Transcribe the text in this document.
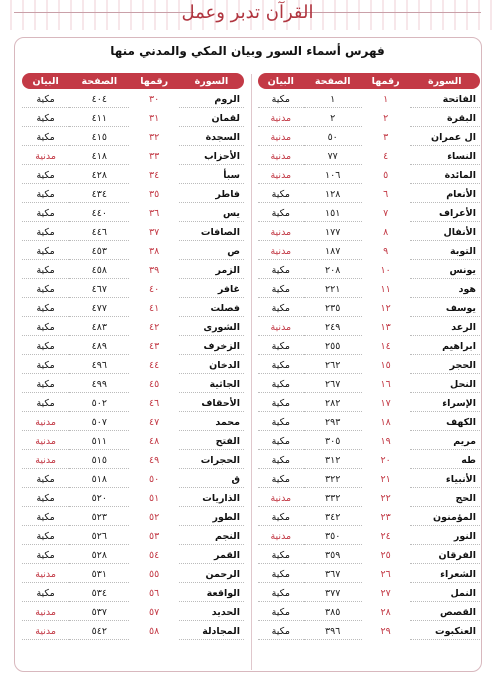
القرآن تدبر وعمل
فهرس أسماء السور وبيان المكي والمدني منها
السورة	رقمها	الصفحة	البيان
الفاتحة	١	١	مكية
البقرة	٢	٢	مدنية
ال عمران	٣	٥٠	مدنية
النساء	٤	٧٧	مدنية
المائدة	٥	١٠٦	مدنية
الأنعام	٦	١٢٨	مكية
الأعراف	٧	١٥١	مكية
الأنفال	٨	١٧٧	مدنية
التوبة	٩	١٨٧	مدنية
يونس	١٠	٢٠٨	مكية
هود	١١	٢٢١	مكية
يوسف	١٢	٢٣٥	مكية
الرعد	١٣	٢٤٩	مدنية
ابراهيم	١٤	٢٥٥	مكية
الحجر	١٥	٢٦٢	مكية
النحل	١٦	٢٦٧	مكية
الإسراء	١٧	٢٨٢	مكية
الكهف	١٨	٢٩٣	مكية
مريم	١٩	٣٠٥	مكية
طه	٢٠	٣١٢	مكية
الأنبياء	٢١	٣٢٢	مكية
الحج	٢٢	٣٣٢	مدنية
المؤمنون	٢٣	٣٤٢	مكية
النور	٢٤	٣٥٠	مدنية
الفرقان	٢٥	٣٥٩	مكية
الشعراء	٢٦	٣٦٧	مكية
النمل	٢٧	٣٧٧	مكية
القصص	٢٨	٣٨٥	مكية
العنكبوت	٢٩	٣٩٦	مكية
السورة	رقمها	الصفحة	البيان
الروم	٣٠	٤٠٤	مكية
لقمان	٣١	٤١١	مكية
السجدة	٣٢	٤١٥	مكية
الأحزاب	٣٣	٤١٨	مدنية
سبأ	٣٤	٤٢٨	مكية
فاطر	٣٥	٤٣٤	مكية
يس	٣٦	٤٤٠	مكية
الصافات	٣٧	٤٤٦	مكية
ص	٣٨	٤٥٣	مكية
الزمر	٣٩	٤٥٨	مكية
غافر	٤٠	٤٦٧	مكية
فصلت	٤١	٤٧٧	مكية
الشورى	٤٢	٤٨٣	مكية
الزخرف	٤٣	٤٨٩	مكية
الدخان	٤٤	٤٩٦	مكية
الجاثية	٤٥	٤٩٩	مكية
الأحقاف	٤٦	٥٠٢	مكية
محمد	٤٧	٥٠٧	مدنية
الفتح	٤٨	٥١١	مدنية
الحجرات	٤٩	٥١٥	مدنية
ق	٥٠	٥١٨	مكية
الذاريات	٥١	٥٢٠	مكية
الطور	٥٢	٥٢٣	مكية
النجم	٥٣	٥٢٦	مكية
القمر	٥٤	٥٢٨	مكية
الرحمن	٥٥	٥٣١	مدنية
الواقعة	٥٦	٥٣٤	مكية
الحديد	٥٧	٥٣٧	مدنية
المجادلة	٥٨	٥٤٢	مدنية
